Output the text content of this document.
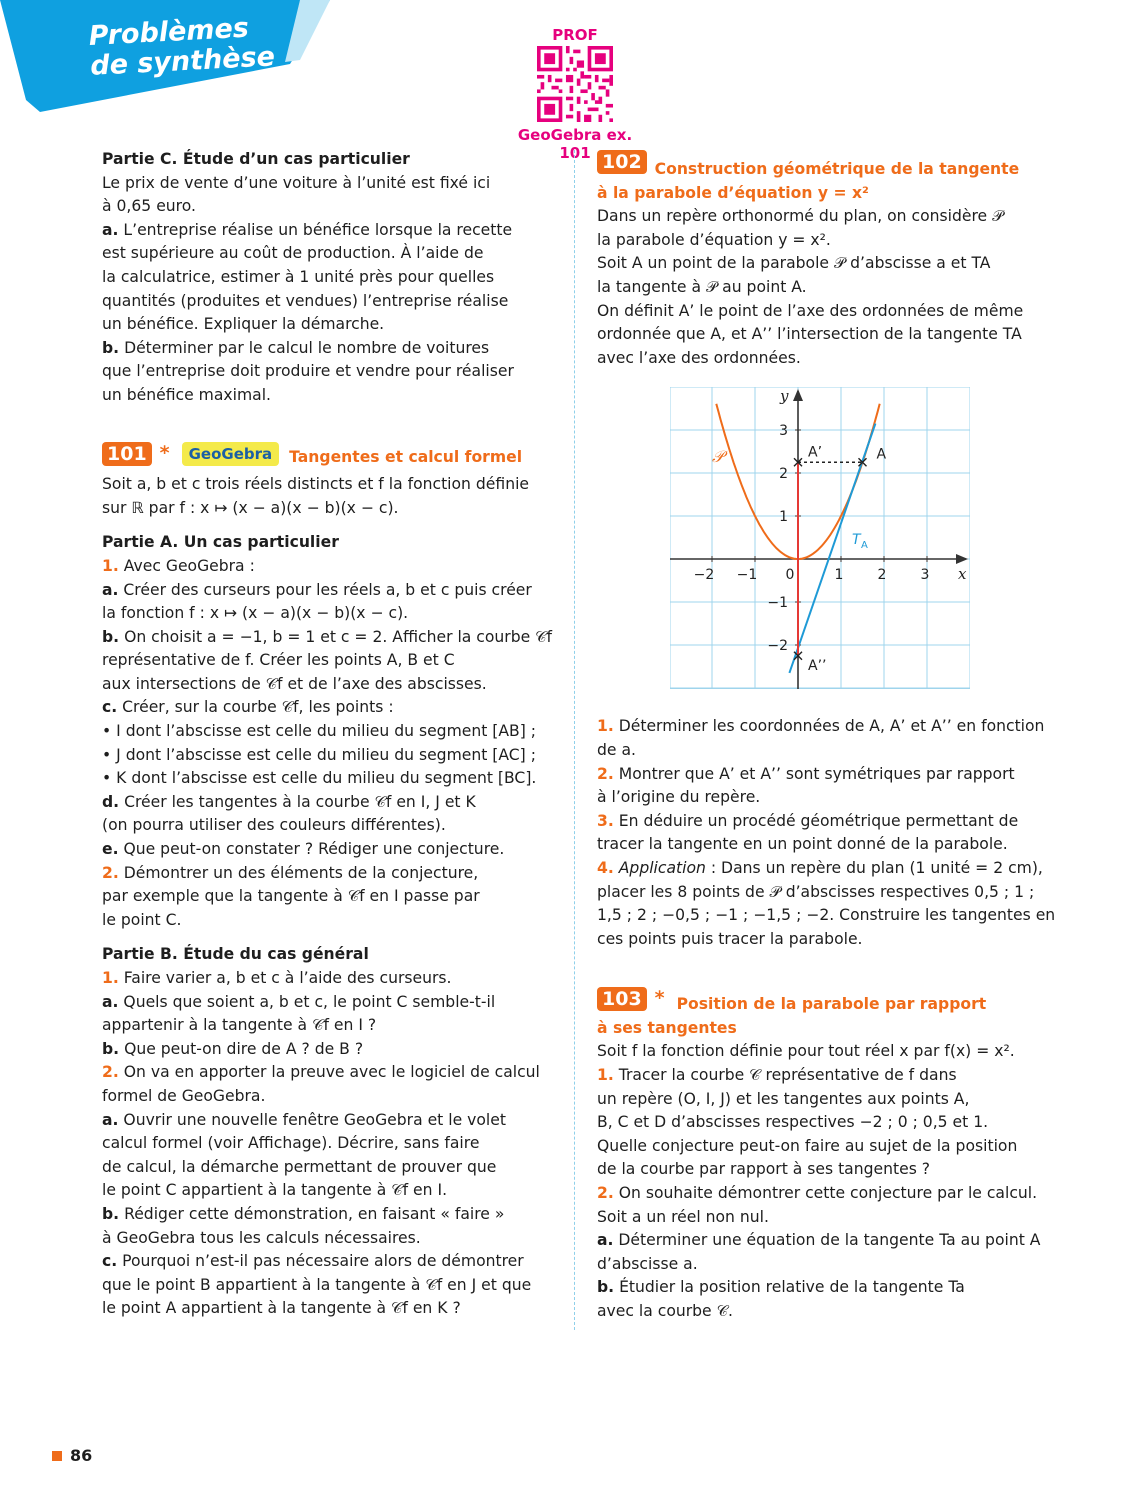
Problèmes
de synthèse
PROF
GeoGebra ex. 101

Partie C. Étude d’un cas particulier

Le prix de vente d’une voiture à l’unité est fixé ici

à 0,65 euro.

a. L’entreprise réalise un bénéfice lorsque la recette

est supérieure au coût de production. À l’aide de

la calculatrice, estimer à 1 unité près pour quelles

quantités (produites et vendues) l’entreprise réalise

un bénéfice. Expliquer la démarche.

b. Déterminer par le calcul le nombre de voitures

que l’entreprise doit produire et vendre pour réaliser

un bénéfice maximal.

101 *	GeoGebra	Tangentes et calcul formel

Soit a, b et c trois réels distincts et f la fonction définie

sur ℝ par f : x ↦ (x − a)(x − b)(x − c).

Partie A. Un cas particulier

1. Avec GeoGebra :

a. Créer des curseurs pour les réels a, b et c puis créer

la fonction f : x ↦ (x − a)(x − b)(x − c).

b. On choisit a = −1, b = 1 et c = 2. Afficher la courbe 𝒞f

représentative de f. Créer les points A, B et C

aux intersections de 𝒞f et de l’axe des abscisses.

c. Créer, sur la courbe 𝒞f, les points :

• I dont l’abscisse est celle du milieu du segment [AB] ;

• J dont l’abscisse est celle du milieu du segment [AC] ;

• K dont l’abscisse est celle du milieu du segment [BC].

d. Créer les tangentes à la courbe 𝒞f en I, J et K

(on pourra utiliser des couleurs différentes).

e. Que peut-on constater ? Rédiger une conjecture.

2. Démontrer un des éléments de la conjecture,

par exemple que la tangente à 𝒞f en I passe par

le point C.

Partie B. Étude du cas général

1. Faire varier a, b et c à l’aide des curseurs.

a. Quels que soient a, b et c, le point C semble-t-il

appartenir à la tangente à 𝒞f en I ?

b. Que peut-on dire de A ? de B ?

2. On va en apporter la preuve avec le logiciel de calcul

formel de GeoGebra.

a. Ouvrir une nouvelle fenêtre GeoGebra et le volet

calcul formel (voir Affichage). Décrire, sans faire

de calcul, la démarche permettant de prouver que

le point C appartient à la tangente à 𝒞f en I.

b. Rédiger cette démonstration, en faisant « faire »

à GeoGebra tous les calculs nécessaires.

c. Pourquoi n’est-il pas nécessaire alors de démontrer

que le point B appartient à la tangente à 𝒞f en J et que

le point A appartient à la tangente à 𝒞f en K ?

102 Construction géométrique de la tangente
à la parabole d’équation y = x²

Dans un repère orthonormé du plan, on considère 𝒫

la parabole d’équation y = x².

Soit A un point de la parabole 𝒫 d’abscisse a et TA

la tangente à 𝒫 au point A.

On définit A’ le point de l’axe des ordonnées de même

ordonnée que A, et A’’ l’intersection de la tangente TA

avec l’axe des ordonnées.

−2 −1 0	1 2 3
3
2
1
−1
−2
x
y
𝒫
T A
A
A’
A’’

1. Déterminer les coordonnées de A, A’ et A’’ en fonction

de a.

2. Montrer que A’ et A’’ sont symétriques par rapport

à l’origine du repère.

3. En déduire un procédé géométrique permettant de

tracer la tangente en un point donné de la parabole.

4. Application : Dans un repère du plan (1 unité = 2 cm),

placer les 8 points de 𝒫 d’abscisses respectives 0,5 ; 1 ;

1,5 ; 2 ; −0,5 ; −1 ; −1,5 ; −2. Construire les tangentes en

ces points puis tracer la parabole.

103 * Position de la parabole par rapport
à ses tangentes

Soit f la fonction définie pour tout réel x par f(x) = x².

1. Tracer la courbe 𝒞 représentative de f dans

un repère (O, I, J) et les tangentes aux points A,

B, C et D d’abscisses respectives −2 ; 0 ; 0,5 et 1.

Quelle conjecture peut-on faire au sujet de la position

de la courbe par rapport à ses tangentes ?

2. On souhaite démontrer cette conjecture par le calcul.

Soit a un réel non nul.

a. Déterminer une équation de la tangente Ta au point A

d’abscisse a.

b. Étudier la position relative de la tangente Ta

avec la courbe 𝒞.

86
